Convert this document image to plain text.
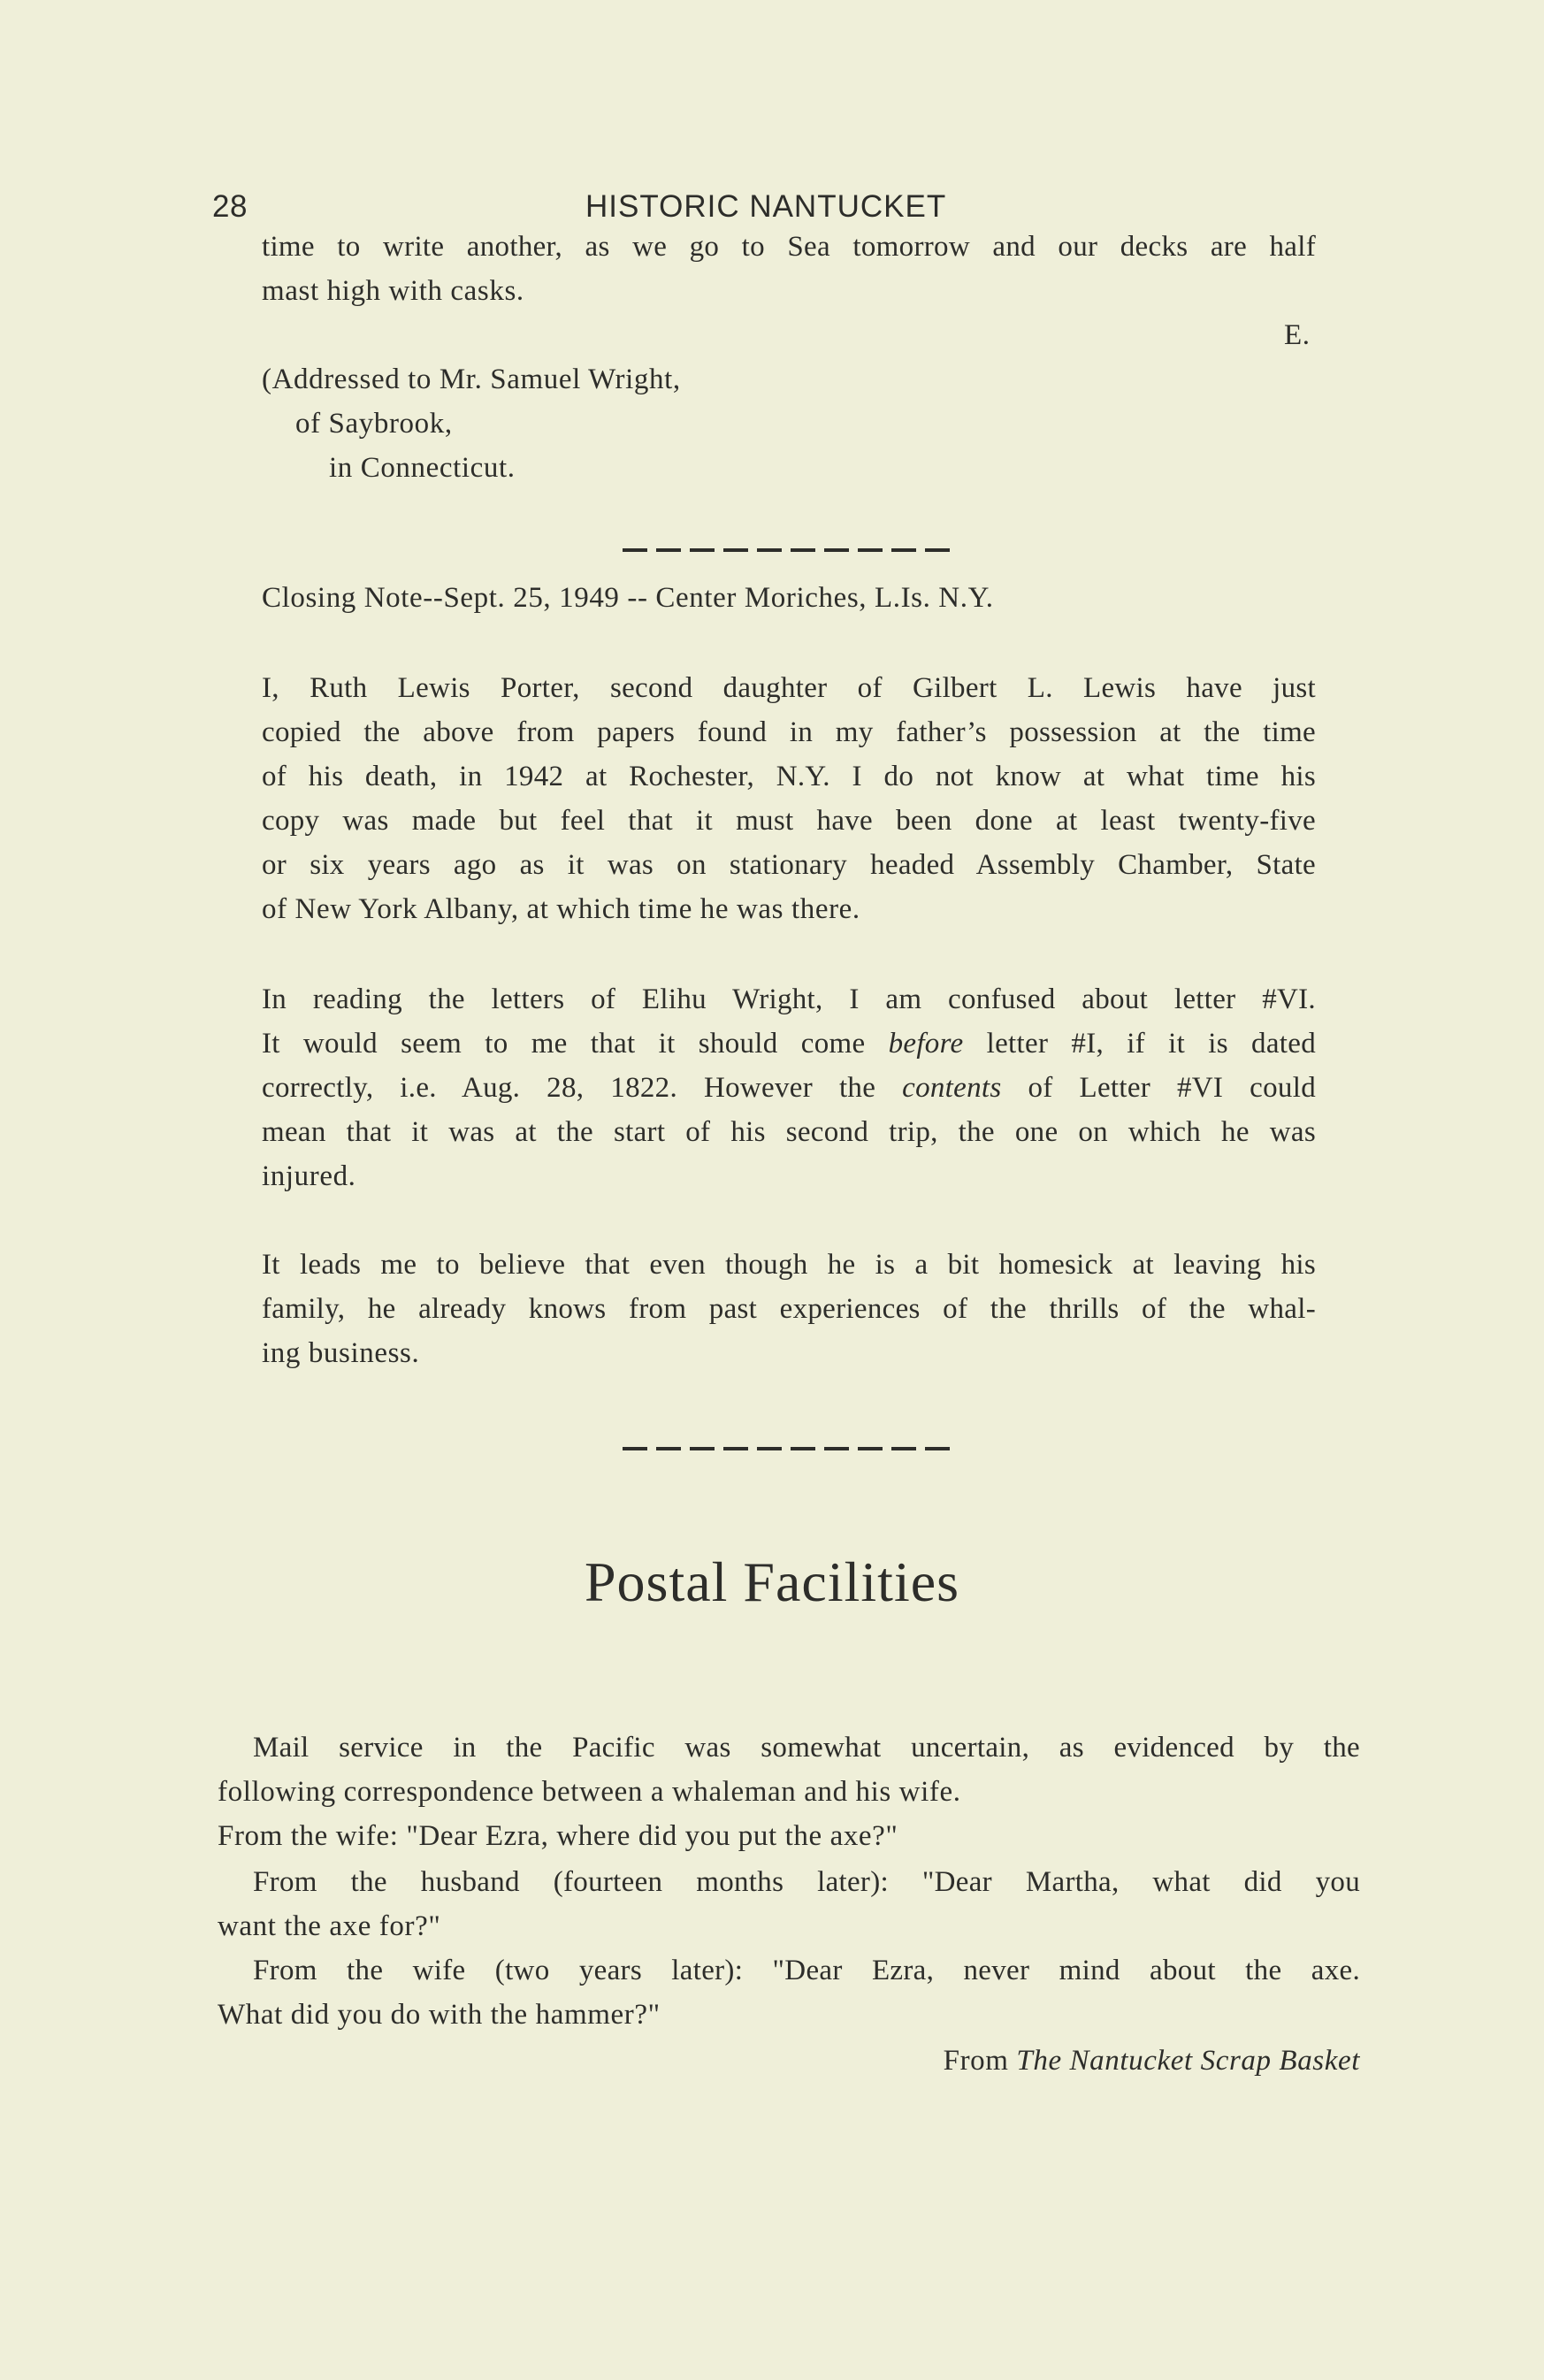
28	HISTORIC NANTUCKET
time to write another, as we go to Sea tomorrow and our decks are half
mast high with casks.
E.
(Addressed to Mr. Samuel Wright,
of Saybrook,
in Connecticut.
Closing Note--Sept. 25, 1949 -- Center Moriches, L.Is. N.Y.
I, Ruth Lewis Porter, second daughter of Gilbert L. Lewis have just
copied the above from papers found in my father’s possession at the time
of his death, in 1942 at Rochester, N.Y. I do not know at what time his
copy was made but feel that it must have been done at least twenty-five
or six years ago as it was on stationary headed Assembly Chamber, State
of New York Albany, at which time he was there.
In reading the letters of Elihu Wright, I am confused about letter #VI.
It would seem to me that it should come before letter #I, if it is dated
correctly, i.e. Aug. 28, 1822. However the contents of Letter #VI could
mean that it was at the start of his second trip, the one on which he was
injured.
It leads me to believe that even though he is a bit homesick at leaving his
family, he already knows from past experiences of the thrills of the whal-
ing business.
Postal Facilities
Mail service in the Pacific was somewhat uncertain, as evidenced by the
following correspondence between a whaleman and his wife.
From the wife: "Dear Ezra, where did you put the axe?"
From the husband (fourteen months later): "Dear Martha, what did you
want the axe for?"
From the wife (two years later): "Dear Ezra, never mind about the axe.
What did you do with the hammer?"
From The Nantucket Scrap Basket
